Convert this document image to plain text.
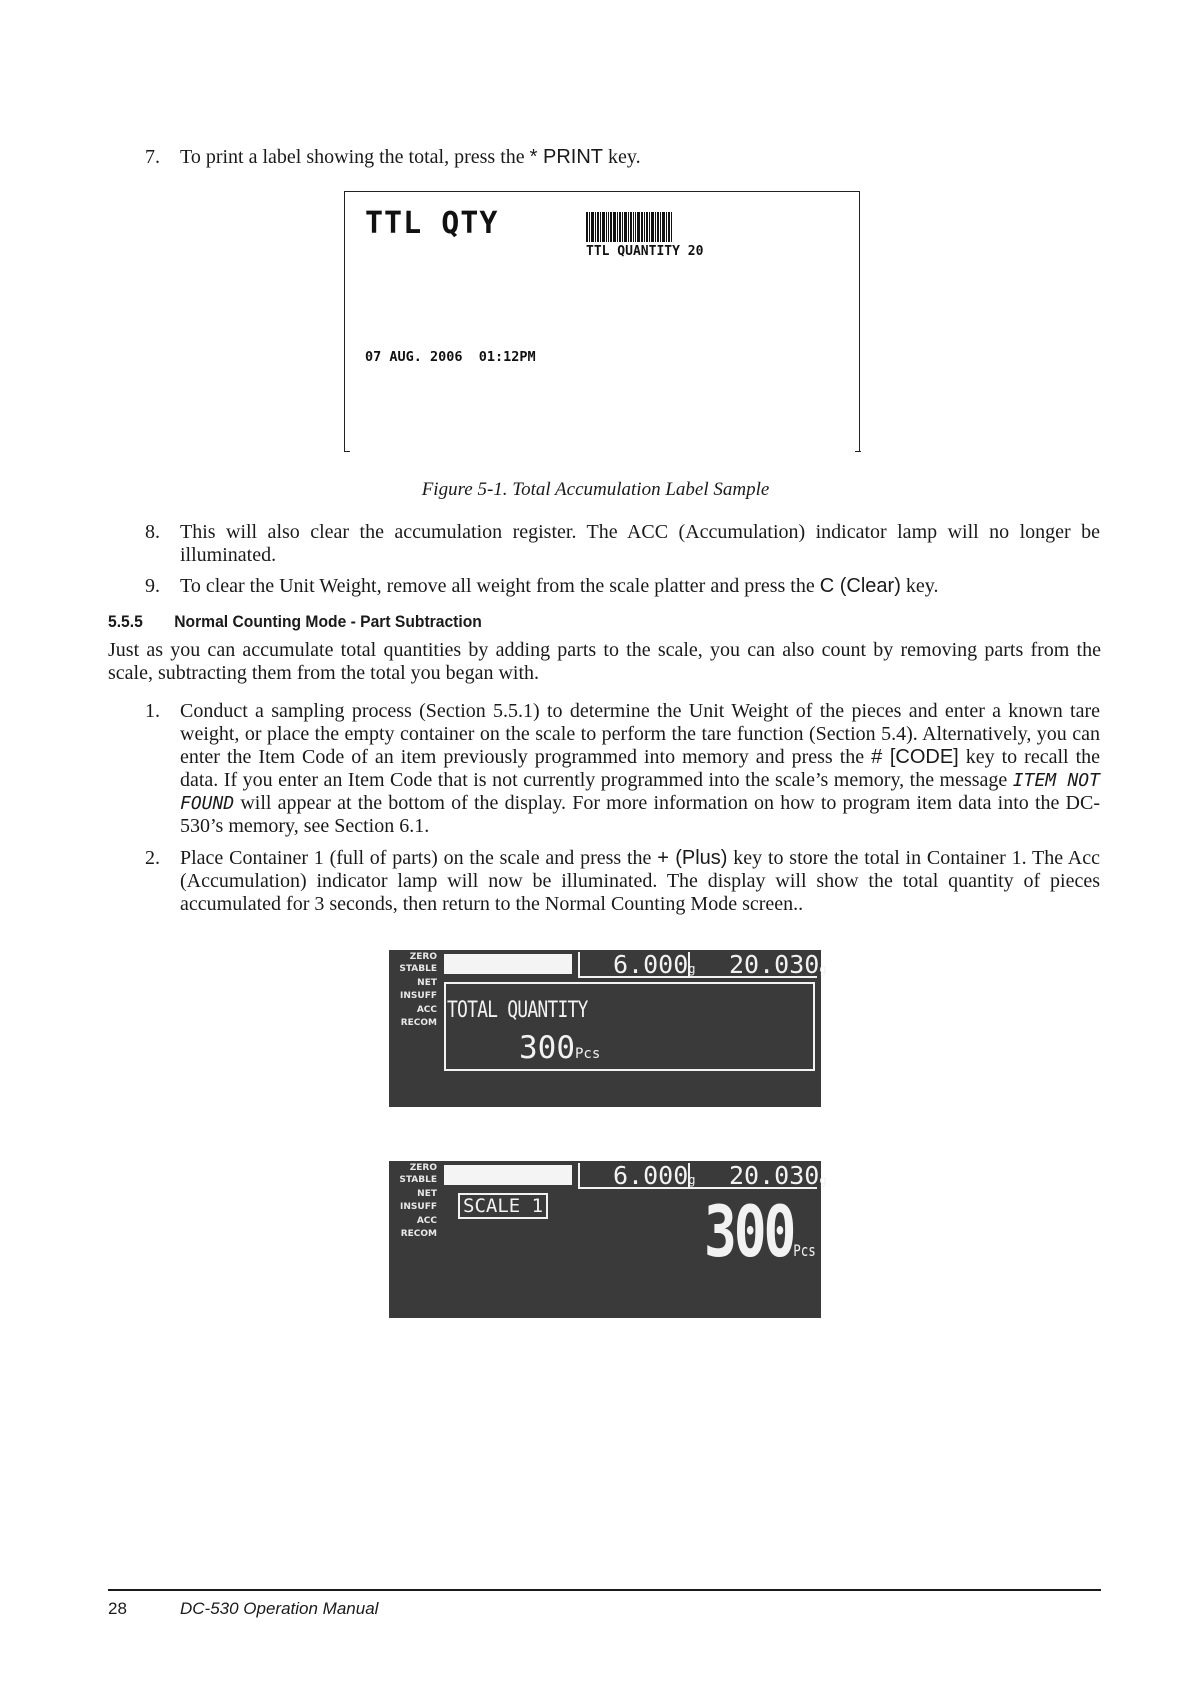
7. To print a label showing the total, press the * PRINT key.
TTL QTY
TTL QUANTITY 20
07 AUG. 2006  01:12PM
Figure 5-1. Total Accumulation Label Sample
8. This will also clear the accumulation register. The ACC (Accumulation) indicator lamp will no longer be illuminated.
9. To clear the Unit Weight, remove all weight from the scale platter and press the C (Clear) key.
5.5.5 Normal Counting Mode - Part Subtraction
Just as you can accumulate total quantities by adding parts to the scale, you can also count by removing parts from the scale, subtracting them from the total you began with.
1. Conduct a sampling process (Section 5.5.1) to determine the Unit Weight of the pieces and enter a known tare weight, or place the empty container on the scale to perform the tare function (Section 5.4). Alternatively, you can enter the Item Code of an item previously programmed into memory and press the # [CODE] key to recall the data. If you enter an Item Code that is not currently programmed into the scale’s memory, the message ITEM NOT FOUND will appear at the bottom of the display. For more information on how to program item data into the DC-530’s memory, see Section 6.1.
2. Place Container 1 (full of parts) on the scale and press the + (Plus) key to store the total in Container 1. The Acc (Accumulation) indicator lamp will now be illuminated. The display will show the total quantity of pieces accumulated for 3 seconds, then return to the Normal Counting Mode screen..
ZERO
STABLE
NET
INSUFF
ACC
RECOM
6.000g 20.030g
TOTAL QUANTITY
300Pcs
ZERO
STABLE
NET
INSUFF
ACC
RECOM
6.000g 20.030g
SCALE 1 300Pcs
28	DC-530 Operation Manual
